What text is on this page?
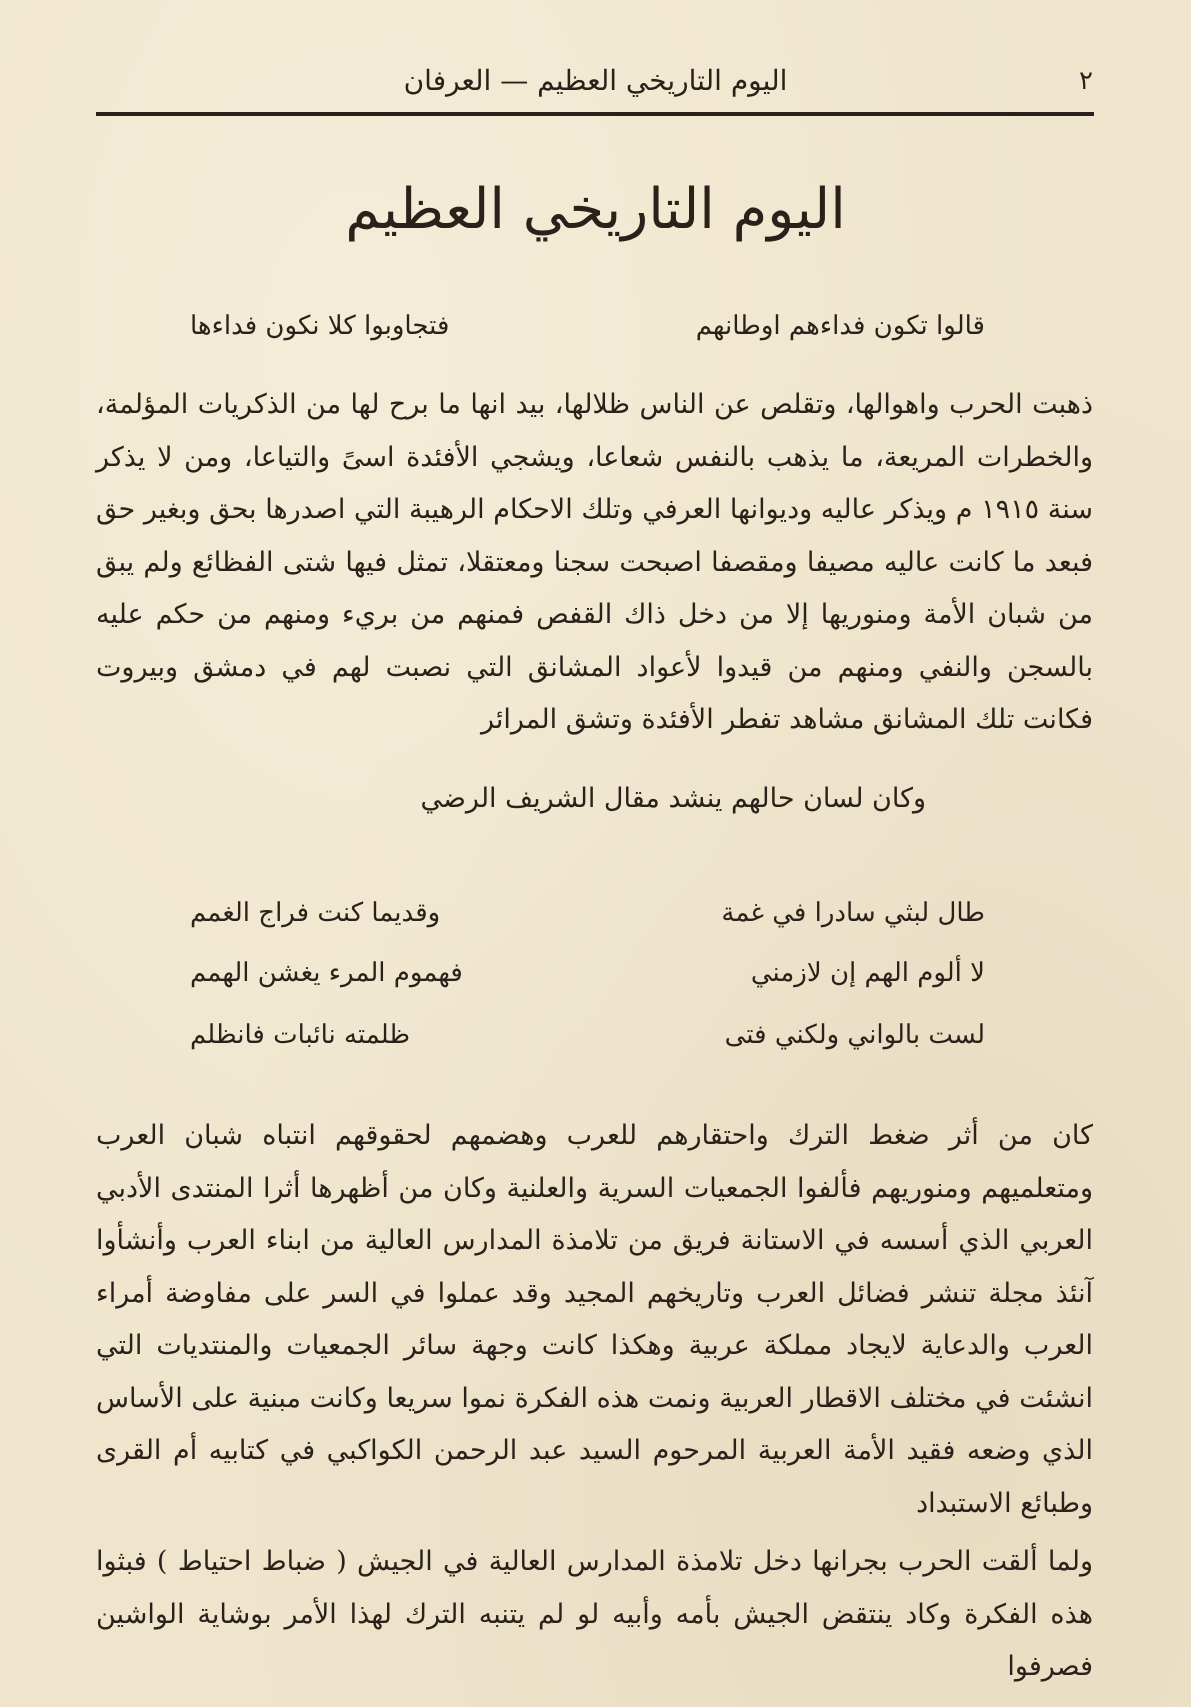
٢
اليوم التاريخي العظيم — العرفان
اليوم التاريخي العظيم
قالوا تكون فداءهم اوطانهم
فتجاوبوا كلا نكون فداءها

ذهبت الحرب واهوالها، وتقلص عن الناس ظلالها، بيد انها ما برح لها من الذكريات المؤلمة، والخطرات المريعة، ما يذهب بالنفس شعاعا، ويشجي الأفئدة اسىً والتياعا، ومن لا يذكر سنة ١٩١٥ م ويذكر عاليه وديوانها العرفي وتلك الاحكام الرهيبة التي اصدرها بحق وبغير حق فبعد ما كانت عاليه مصيفا ومقصفا اصبحت سجنا ومعتقلا، تمثل فيها شتى الفظائع ولم يبق من شبان الأمة ومنوريها إلا من دخل ذاك القفص فمنهم من بريء ومنهم من حكم عليه بالسجن والنفي ومنهم من قيدوا لأعواد المشانق التي نصبت لهم في دمشق وبيروت فكانت تلك المشانق مشاهد تفطر الأفئدة وتشق المرائر

وكان لسان حالهم ينشد مقال الشريف الرضي

طال لبثي سادرا في غمة
وقديما كنت فراج الغمم
لا ألوم الهم إن لازمني
فهموم المرء يغشن الهمم
لست بالواني ولكني فتى
ظلمته نائبات فانظلم

كان من أثر ضغط الترك واحتقارهم للعرب وهضمهم لحقوقهم انتباه شبان العرب ومتعلميهم ومنوريهم فألفوا الجمعيات السرية والعلنية وكان من أظهرها أثرا المنتدى الأدبي العربي الذي أسسه في الاستانة فريق من تلامذة المدارس العالية من ابناء العرب وأنشأوا آنئذ مجلة تنشر فضائل العرب وتاريخهم المجيد وقد عملوا في السر على مفاوضة أمراء العرب والدعاية لايجاد مملكة عربية وهكذا كانت وجهة سائر الجمعيات والمنتديات التي انشئت في مختلف الاقطار العربية ونمت هذه الفكرة نموا سريعا وكانت مبنية على الأساس الذي وضعه فقيد الأمة العربية المرحوم السيد عبد الرحمن الكواكبي في كتابيه أم القرى وطبائع الاستبداد

ولما ألقت الحرب بجرانها دخل تلامذة المدارس العالية في الجيش ( ضباط احتياط ) فبثوا هذه الفكرة وكاد ينتقض الجيش بأمه وأبيه لو لم يتنبه الترك لهذا الأمر بوشاية الواشين فصرفوا
